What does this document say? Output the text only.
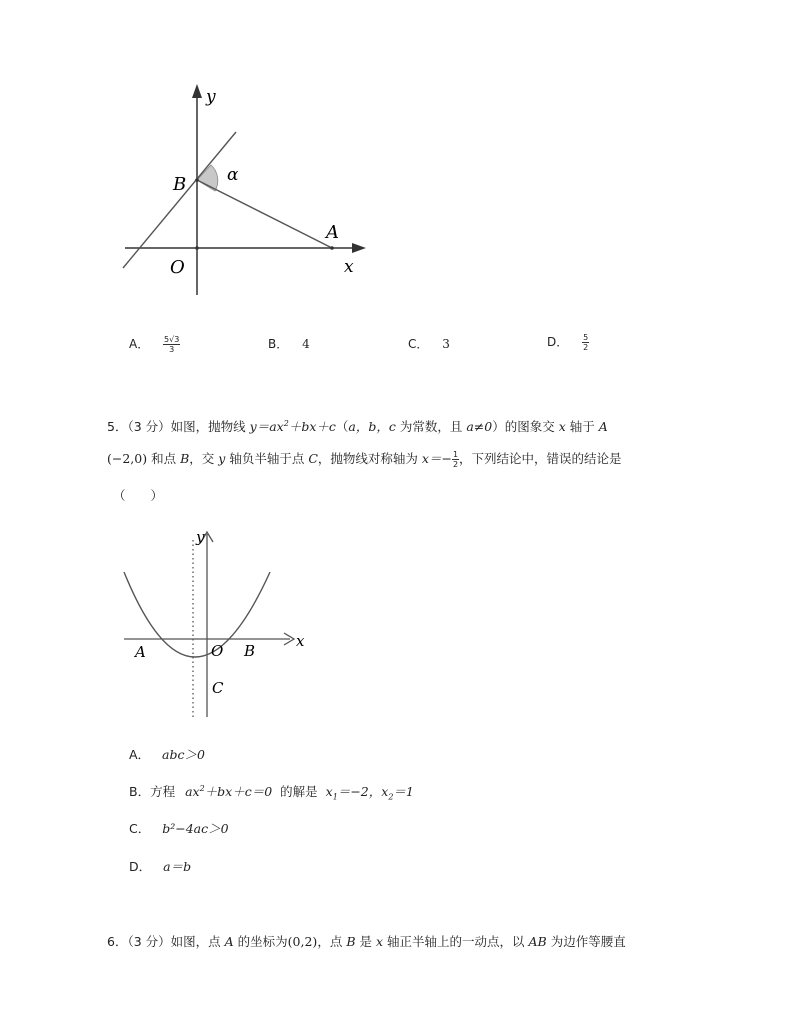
y
x
O
B
A
α
A． $\frac{5√3}{3}$	B． 4	C． 3	D． $\frac{5}{2}$
5．（3 分）如图，抛物线 $y=ax^2+bx+c(a$，b，c 为常数，且 a≠0）的图象交 x 轴于 A
(−2,0) 和点 B，交 y 轴负半轴于点 C，抛物线对称轴为 $x=- \frac{1}{2}$ ，下列结论中，错误的结论是
（　　）
y
x
A	O B
C
A． abc＞0
B．方程 $ax^2+bx+c=0$ 的解是 $x_1=-2$，$x_2=1$
C． b²−4ac＞0
D． a＝b
6．（3 分）如图，点 A 的坐标为(0,2)，点 B 是 x 轴正半轴上的一动点，以 AB 为边作等腰直
